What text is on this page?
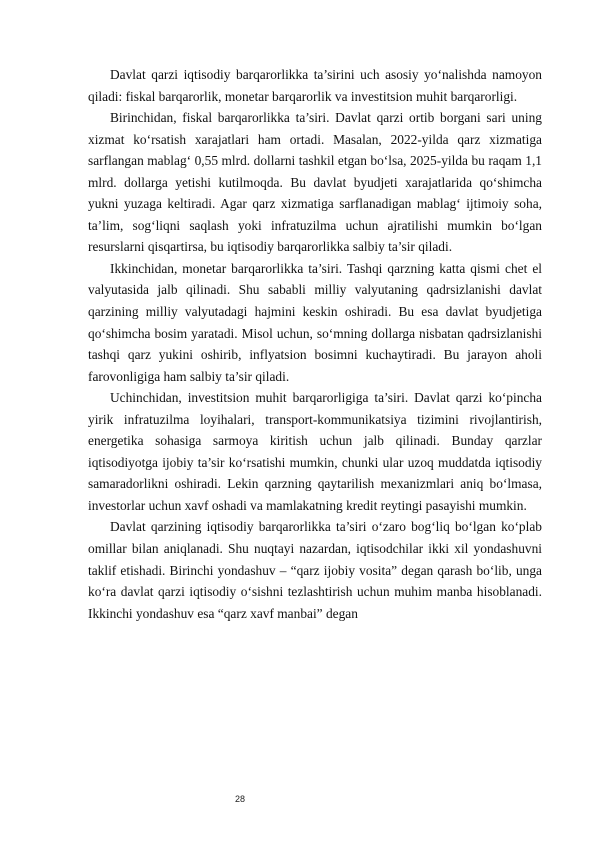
Davlat qarzi iqtisodiy barqarorlikka ta’sirini uch asosiy yo‘nalishda namoyon qiladi: fiskal barqarorlik, monetar barqarorlik va investitsion muhit barqarorligi.

Birinchidan, fiskal barqarorlikka ta’siri. Davlat qarzi ortib borgani sari uning xizmat ko‘rsatish xarajatlari ham ortadi. Masalan, 2022-yilda qarz xizmatiga sarflangan mablag‘ 0,55 mlrd. dollarni tashkil etgan bo‘lsa, 2025-yilda bu raqam 1,1 mlrd. dollarga yetishi kutilmoqda. Bu davlat byudjeti xarajatlarida qo‘shimcha yukni yuzaga keltiradi. Agar qarz xizmatiga sarflanadigan mablag‘ ijtimoiy soha, ta’lim, sog‘liqni saqlash yoki infratuzilma uchun ajratilishi mumkin bo‘lgan resurslarni qisqartirsa, bu iqtisodiy barqarorlikka salbiy ta’sir qiladi.

Ikkinchidan, monetar barqarorlikka ta’siri. Tashqi qarzning katta qismi chet el valyutasida jalb qilinadi. Shu sababli milliy valyutaning qadrsizlanishi davlat qarzining milliy valyutadagi hajmini keskin oshiradi. Bu esa davlat byudjetiga qo‘shimcha bosim yaratadi. Misol uchun, so‘mning dollarga nisbatan qadrsizlanishi tashqi qarz yukini oshirib, inflyatsion bosimni kuchaytiradi. Bu jarayon aholi farovonligiga ham salbiy ta’sir qiladi.

Uchinchidan, investitsion muhit barqarorligiga ta’siri. Davlat qarzi ko‘pincha yirik infratuzilma loyihalari, transport-kommunikatsiya tizimini rivojlantirish, energetika sohasiga sarmoya kiritish uchun jalb qilinadi. Bunday qarzlar iqtisodiyotga ijobiy ta’sir ko‘rsatishi mumkin, chunki ular uzoq muddatda iqtisodiy samaradorlikni oshiradi. Lekin qarzning qaytarilish mexanizmlari aniq bo‘lmasa, investorlar uchun xavf oshadi va mamlakatning kredit reytingi pasayishi mumkin.

Davlat qarzining iqtisodiy barqarorlikka ta’siri o‘zaro bog‘liq bo‘lgan ko‘plab omillar bilan aniqlanadi. Shu nuqtayi nazardan, iqtisodchilar ikki xil yondashuvni taklif etishadi. Birinchi yondashuv – “qarz ijobiy vosita” degan qarash bo‘lib, unga ko‘ra davlat qarzi iqtisodiy o‘sishni tezlashtirish uchun muhim manba hisoblanadi. Ikkinchi yondashuv esa “qarz xavf manbai” degan

28
